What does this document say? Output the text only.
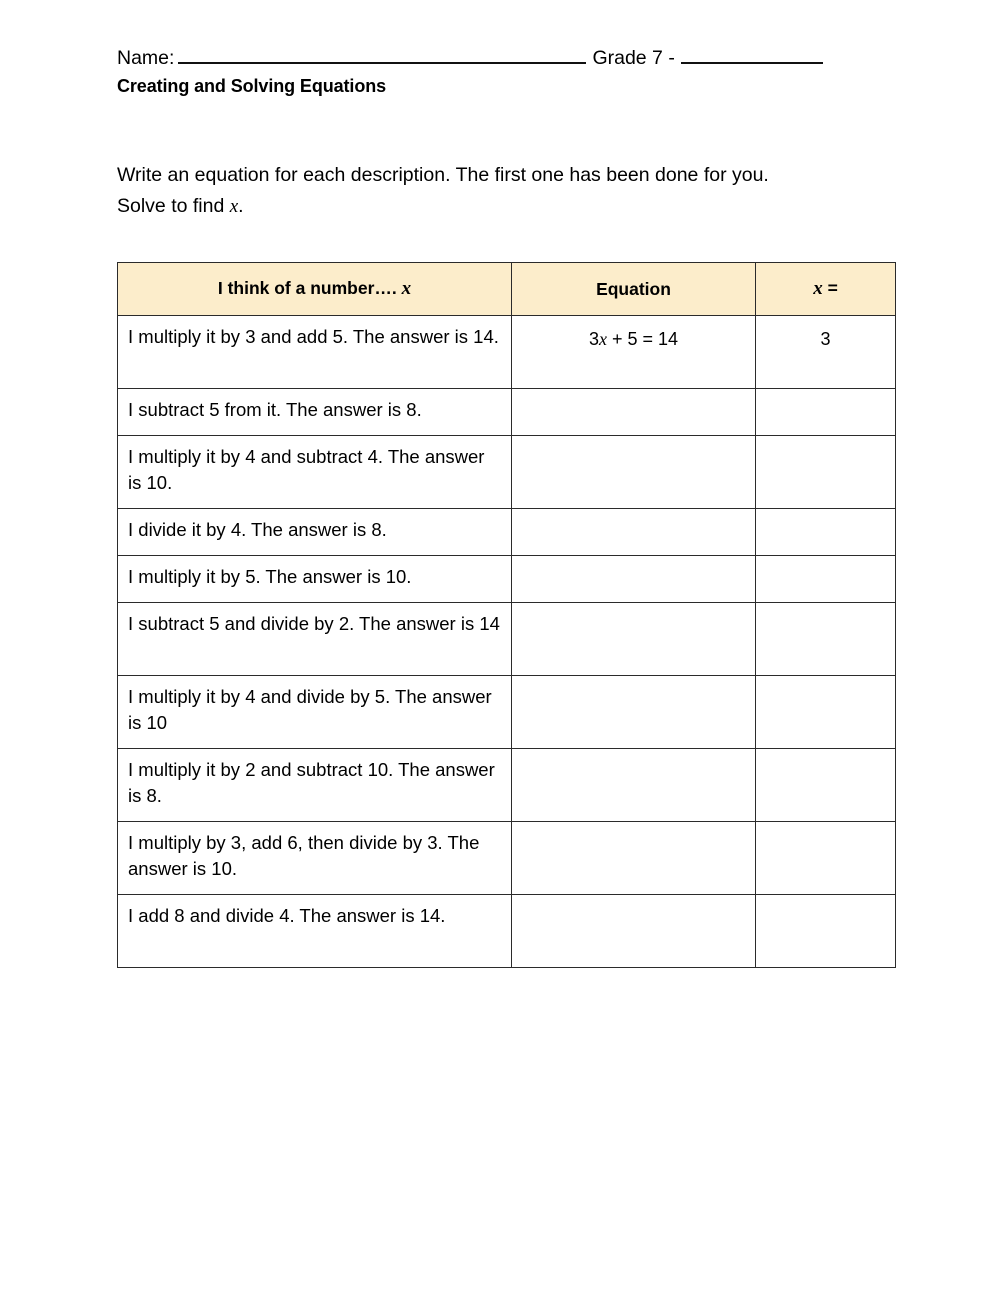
Name:	Grade 7 -
Creating and Solving Equations
Write an equation for each description. The first one has been done for you.
Solve to find x.
I think of a number…. x	Equation	x =
I multiply it by 3 and add 5. The answer is 14.	3x + 5 = 14	3
I subtract 5 from it. The answer is 8.		
I multiply it by 4 and subtract 4. The answer is 10.		
I divide it by 4. The answer is 8.		
I multiply it by 5. The answer is 10.		
I subtract 5 and divide by 2. The answer is 14		
I multiply it by 4 and divide by 5. The answer is 10		
I multiply it by 2 and subtract 10. The answer is 8.		
I multiply by 3, add 6, then divide by 3. The answer is 10.		
I add 8 and divide 4. The answer is 14.		
